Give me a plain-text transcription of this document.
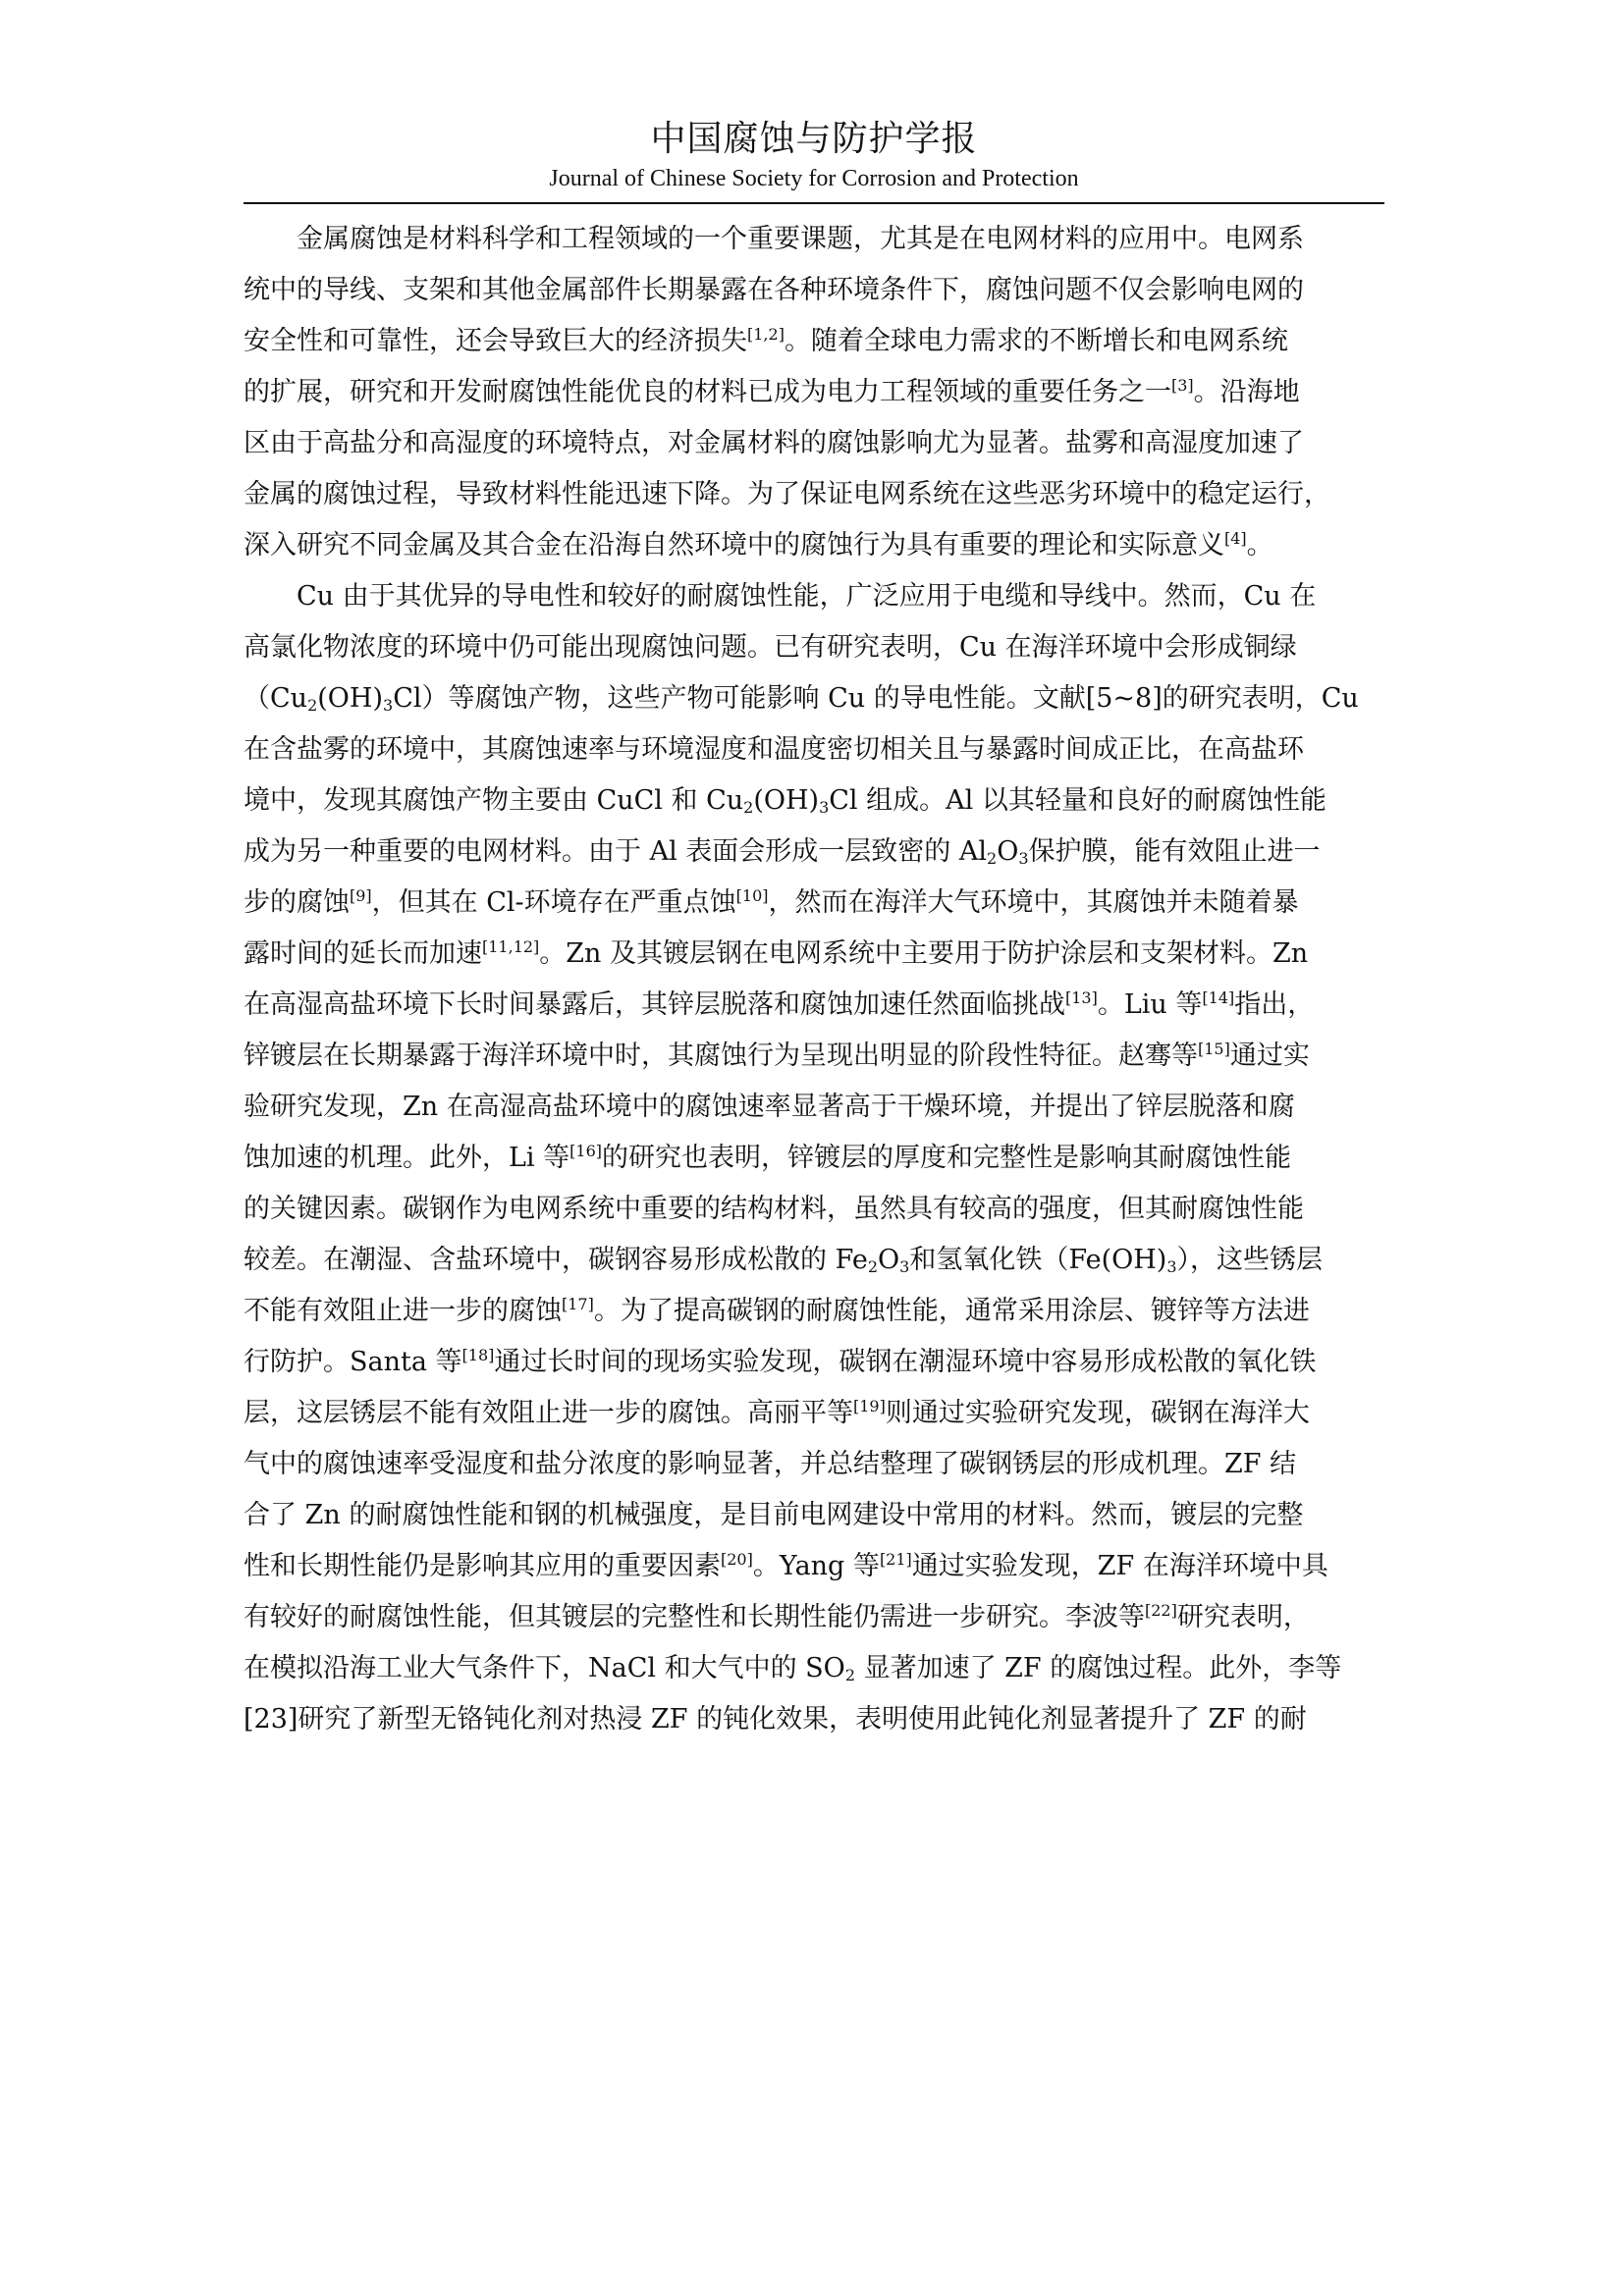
中国腐蚀与防护学报
Journal of Chinese Society for Corrosion and Protection
金属腐蚀是材料科学和工程领域的一个重要课题，尤其是在电网材料的应用中。电网系
统中的导线、支架和其他金属部件长期暴露在各种环境条件下，腐蚀问题不仅会影响电网的
安全性和可靠性，还会导致巨大的经济损失[1,2]。随着全球电力需求的不断增长和电网系统
的扩展，研究和开发耐腐蚀性能优良的材料已成为电力工程领域的重要任务之一[3]。沿海地
区由于高盐分和高湿度的环境特点，对金属材料的腐蚀影响尤为显著。盐雾和高湿度加速了
金属的腐蚀过程，导致材料性能迅速下降。为了保证电网系统在这些恶劣环境中的稳定运行，
深入研究不同金属及其合金在沿海自然环境中的腐蚀行为具有重要的理论和实际意义[4]。
Cu 由于其优异的导电性和较好的耐腐蚀性能，广泛应用于电缆和导线中。然而，Cu 在
高氯化物浓度的环境中仍可能出现腐蚀问题。已有研究表明，Cu 在海洋环境中会形成铜绿
$(Cu_2(OH)_3Cl)$等腐蚀产物，这些产物可能影响 Cu 的导电性能。文献[5~8]的研究表明，Cu
在含盐雾的环境中，其腐蚀速率与环境湿度和温度密切相关且与暴露时间成正比，在高盐环
境中，发现其腐蚀产物主要由 CuCl 和 $Cu_2(OH)_3Cl$ 组成。Al 以其轻量和良好的耐腐蚀性能
成为另一种重要的电网材料。由于 Al 表面会形成一层致密的 $Al_2O_3$保护膜，能有效阻止进一
步的腐蚀[9]，但其在 Cl-环境存在严重点蚀[10]，然而在海洋大气环境中，其腐蚀并未随着暴
露时间的延长而加速[11,12]。Zn 及其镀层钢在电网系统中主要用于防护涂层和支架材料。Zn
在高湿高盐环境下长时间暴露后，其锌层脱落和腐蚀加速任然面临挑战[13]。Liu 等[14]指出，
锌镀层在长期暴露于海洋环境中时，其腐蚀行为呈现出明显的阶段性特征。赵骞等[15]通过实
验研究发现，Zn 在高湿高盐环境中的腐蚀速率显著高于干燥环境，并提出了锌层脱落和腐
蚀加速的机理。此外，Li 等[16]的研究也表明，锌镀层的厚度和完整性是影响其耐腐蚀性能
的关键因素。碳钢作为电网系统中重要的结构材料，虽然具有较高的强度，但其耐腐蚀性能
较差。在潮湿、含盐环境中，碳钢容易形成松散的 $Fe_2O_3$和氢氧化铁$(Fe(OH)_3)$，这些锈层
不能有效阻止进一步的腐蚀[17]。为了提高碳钢的耐腐蚀性能，通常采用涂层、镀锌等方法进
行防护。Santa 等[18]通过长时间的现场实验发现，碳钢在潮湿环境中容易形成松散的氧化铁
层，这层锈层不能有效阻止进一步的腐蚀。高丽平等[19]则通过实验研究发现，碳钢在海洋大
气中的腐蚀速率受湿度和盐分浓度的影响显著，并总结整理了碳钢锈层的形成机理。ZF 结
合了 Zn 的耐腐蚀性能和钢的机械强度，是目前电网建设中常用的材料。然而，镀层的完整
性和长期性能仍是影响其应用的重要因素[20]。Yang 等[21]通过实验发现，ZF 在海洋环境中具
有较好的耐腐蚀性能，但其镀层的完整性和长期性能仍需进一步研究。李波等[22]研究表明，
在模拟沿海工业大气条件下，NaCl 和大气中的 $SO_2$ 显著加速了 ZF 的腐蚀过程。此外，李等
[23]研究了新型无铬钝化剂对热浸 ZF 的钝化效果，表明使用此钝化剂显著提升了 ZF 的耐
